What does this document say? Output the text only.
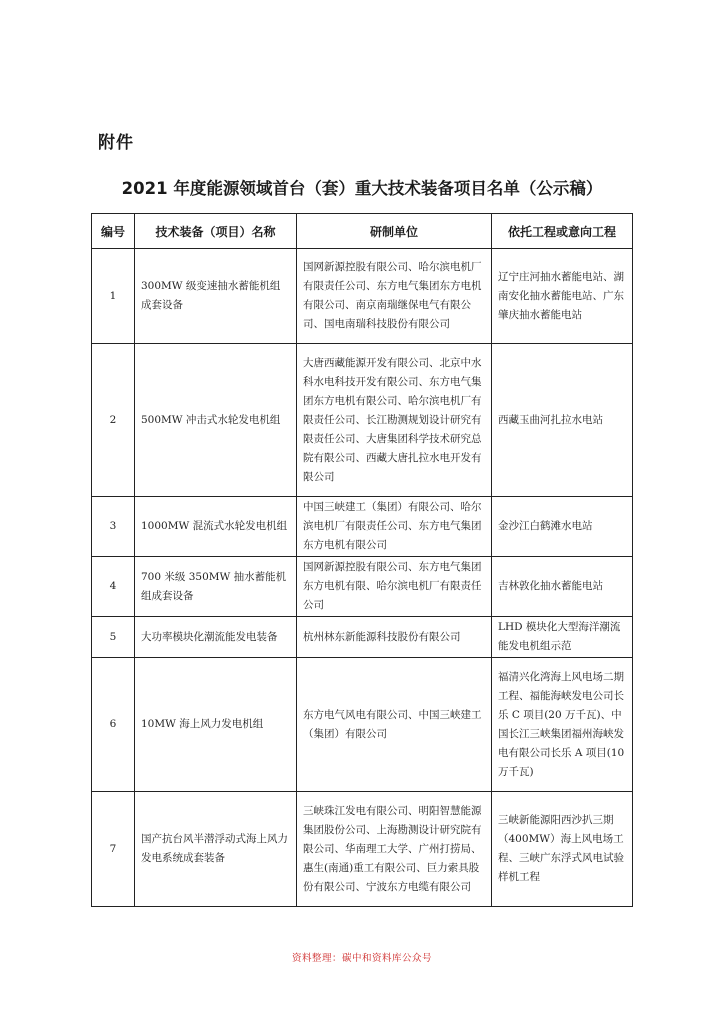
附件
2021 年度能源领域首台（套）重大技术装备项目名单（公示稿）
编号	技术装备（项目）名称	研制单位	依托工程或意向工程
1	300MW 级变速抽水蓄能机组成套设备	国网新源控股有限公司、哈尔滨电机厂有限责任公司、东方电气集团东方电机有限公司、南京南瑞继保电气有限公司、国电南瑞科技股份有限公司	辽宁庄河抽水蓄能电站、湖南安化抽水蓄能电站、广东肇庆抽水蓄能电站
2	500MW 冲击式水轮发电机组	大唐西藏能源开发有限公司、北京中水科水电科技开发有限公司、东方电气集团东方电机有限公司、哈尔滨电机厂有限责任公司、长江勘测规划设计研究有限责任公司、大唐集团科学技术研究总院有限公司、西藏大唐扎拉水电开发有限公司	西藏玉曲河扎拉水电站
3	1000MW 混流式水轮发电机组	中国三峡建工（集团）有限公司、哈尔滨电机厂有限责任公司、东方电气集团东方电机有限公司	金沙江白鹤滩水电站
4	700 米级 350MW 抽水蓄能机组成套设备	国网新源控股有限公司、东方电气集团东方电机有限、哈尔滨电机厂有限责任公司	吉林敦化抽水蓄能电站
5	大功率模块化潮流能发电装备	杭州林东新能源科技股份有限公司	LHD 模块化大型海洋潮流能发电机组示范
6	10MW 海上风力发电机组	东方电气风电有限公司、中国三峡建工（集团）有限公司	福清兴化湾海上风电场二期工程、福能海峡发电公司长乐 C 项目(20 万千瓦)、中国长江三峡集团福州海峡发电有限公司长乐 A 项目(10 万千瓦)
7	国产抗台风半潜浮动式海上风力发电系统成套装备	三峡珠江发电有限公司、明阳智慧能源集团股份公司、上海勘测设计研究院有限公司、华南理工大学、广州打捞局、惠生(南通)重工有限公司、巨力索具股份有限公司、宁波东方电缆有限公司	三峡新能源阳西沙扒三期（400MW）海上风电场工程、三峡广东浮式风电试验样机工程
资料整理：碳中和资料库公众号
